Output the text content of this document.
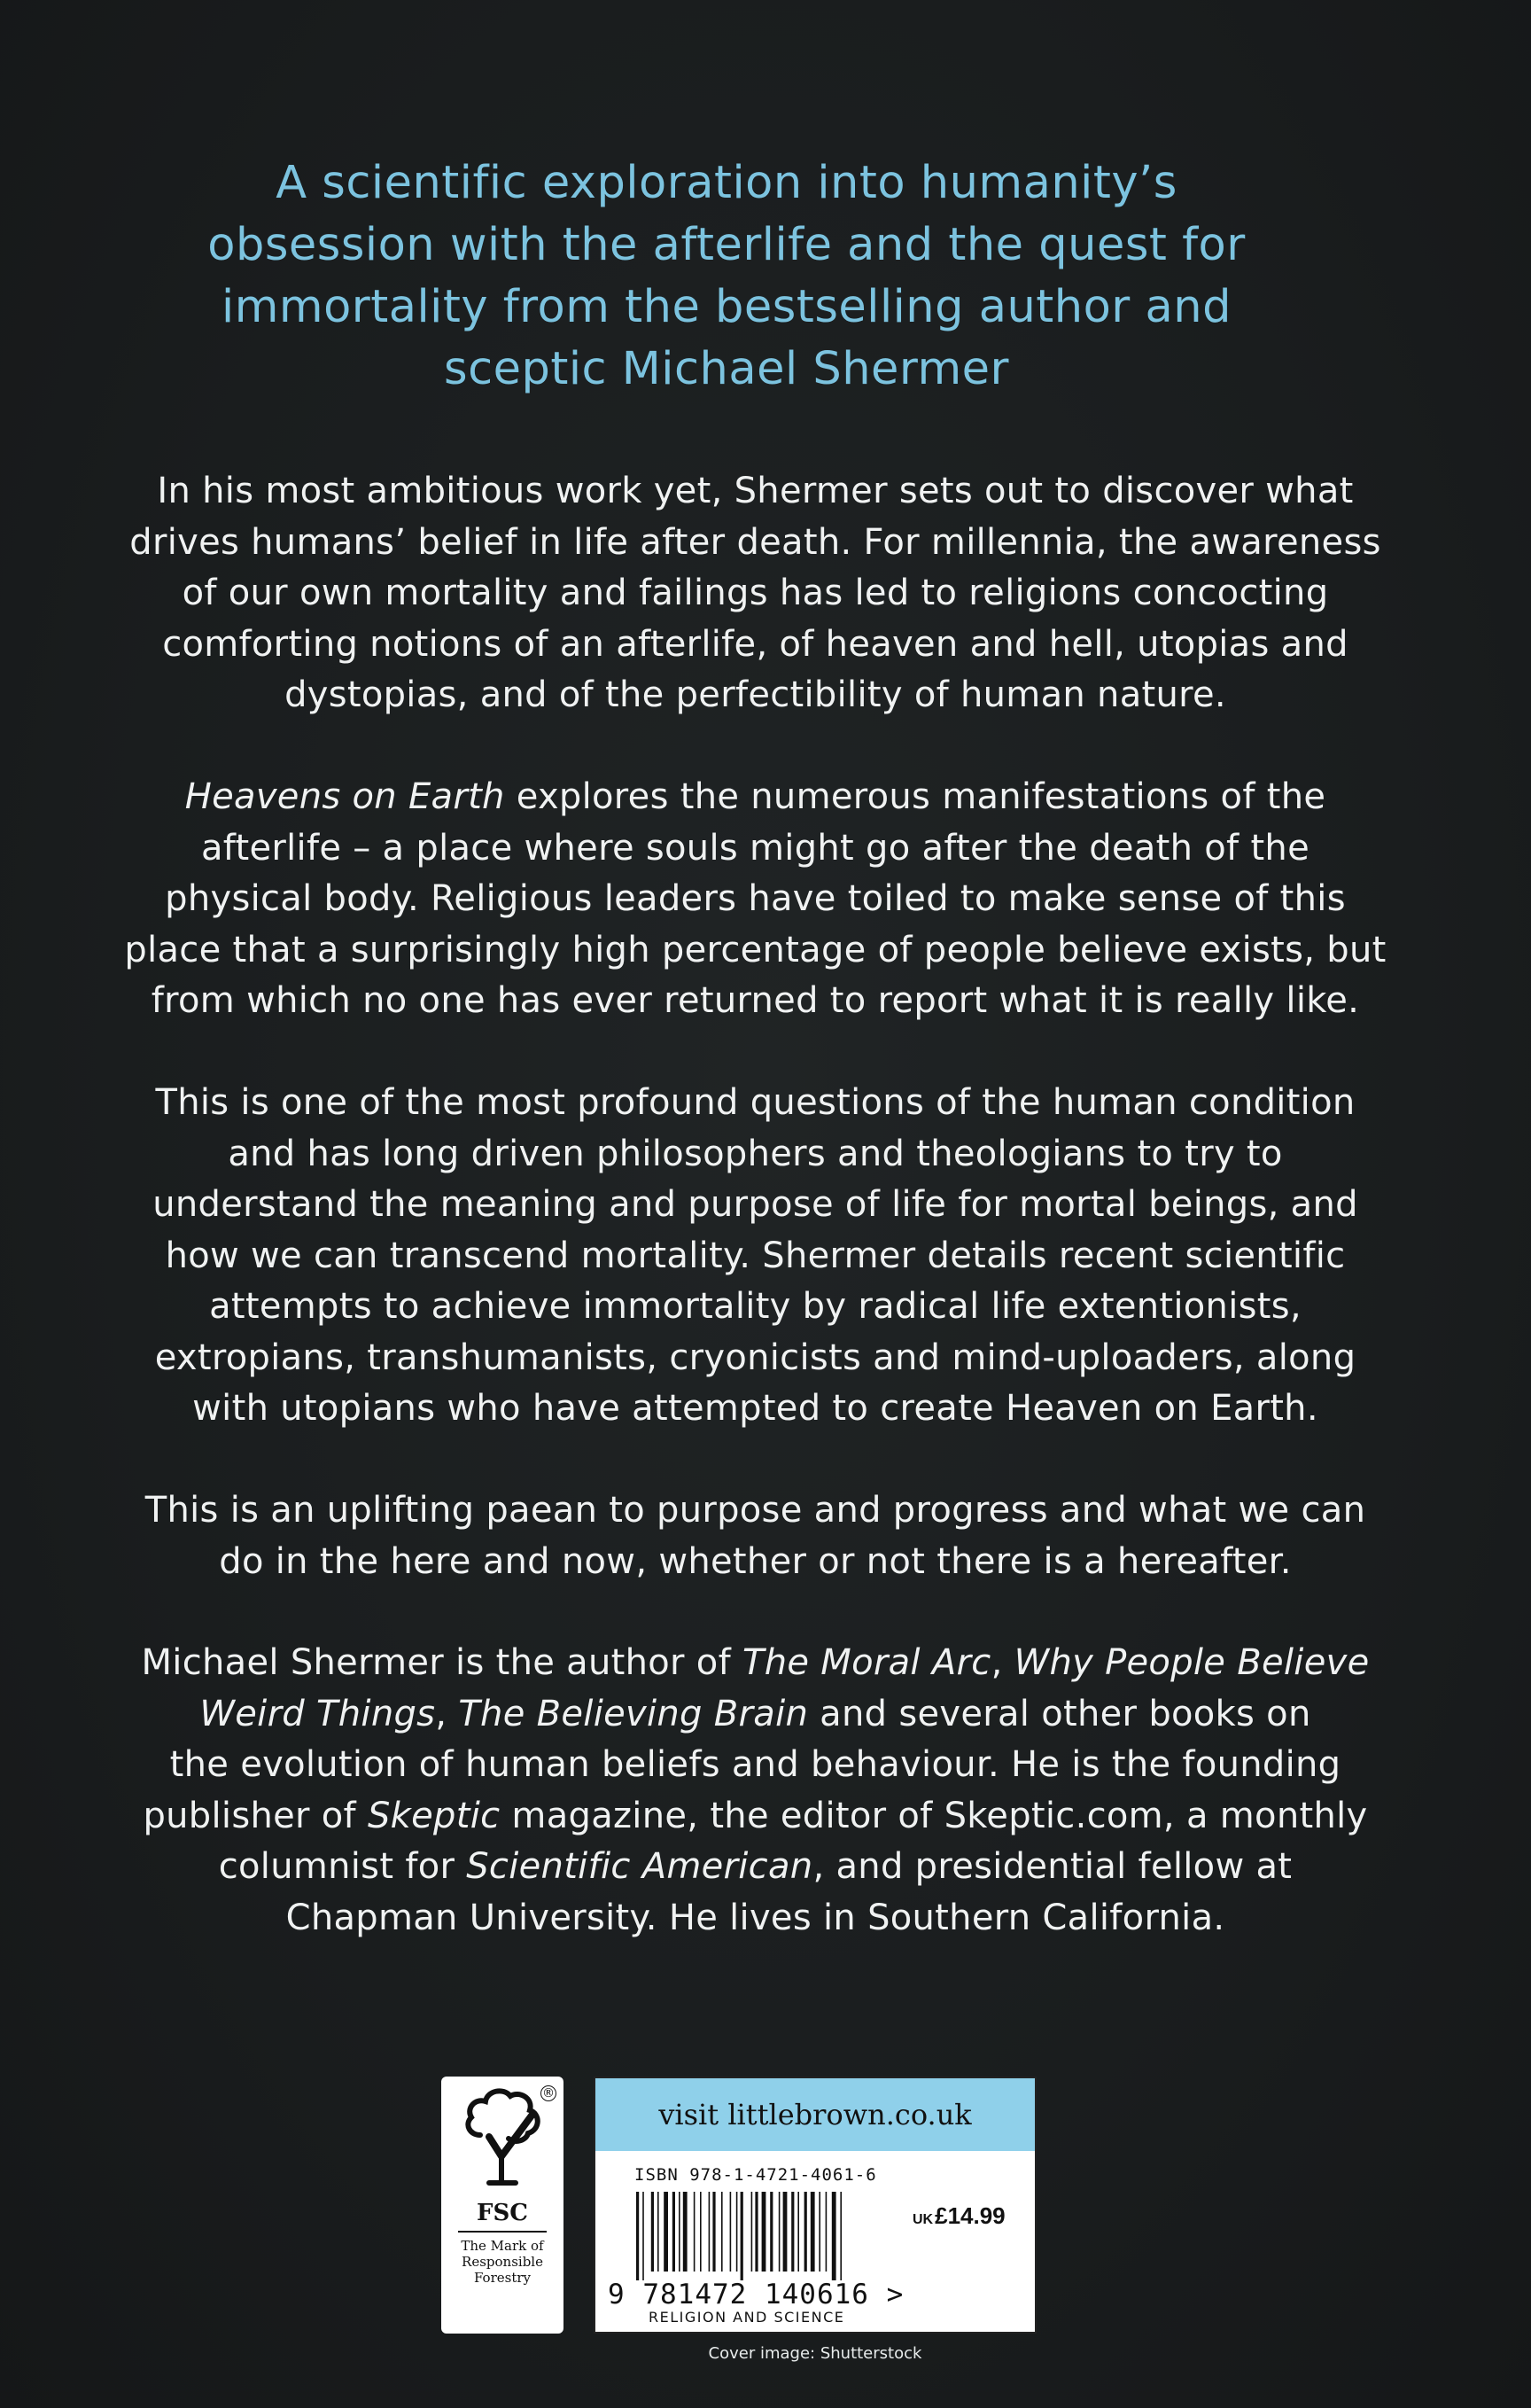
A scientific exploration into humanity’s
obsession with the afterlife and the quest for
immortality from the bestselling author and
sceptic Michael Shermer
In his most ambitious work yet, Shermer sets out to discover what
drives humans’ belief in life after death. For millennia, the awareness
of our own mortality and failings has led to religions concocting
comforting notions of an afterlife, of heaven and hell, utopias and
dystopias, and of the perfectibility of human nature.
Heavens on Earth explores the numerous manifestations of the
afterlife – a place where souls might go after the death of the
physical body. Religious leaders have toiled to make sense of this
place that a surprisingly high percentage of people believe exists, but
from which no one has ever returned to report what it is really like.
This is one of the most profound questions of the human condition
and has long driven philosophers and theologians to try to
understand the meaning and purpose of life for mortal beings, and
how we can transcend mortality. Shermer details recent scientific
attempts to achieve immortality by radical life extentionists,
extropians, transhumanists, cryonicists and mind-uploaders, along
with utopians who have attempted to create Heaven on Earth.
This is an uplifting paean to purpose and progress and what we can
do in the here and now, whether or not there is a hereafter.
Michael Shermer is the author of The Moral Arc, Why People Believe
Weird Things, The Believing Brain and several other books on
the evolution of human beliefs and behaviour. He is the founding
publisher of Skeptic magazine, the editor of Skeptic.com, a monthly
columnist for Scientific American, and presidential fellow at
Chapman University. He lives in Southern California.
®
FSC
The Mark of
Responsible
Forestry
visit littlebrown.co.uk
ISBN 978-1-4721-4061-6
UK£14.99
9 781472 140616 >
RELIGION AND SCIENCE
Cover image: Shutterstock
